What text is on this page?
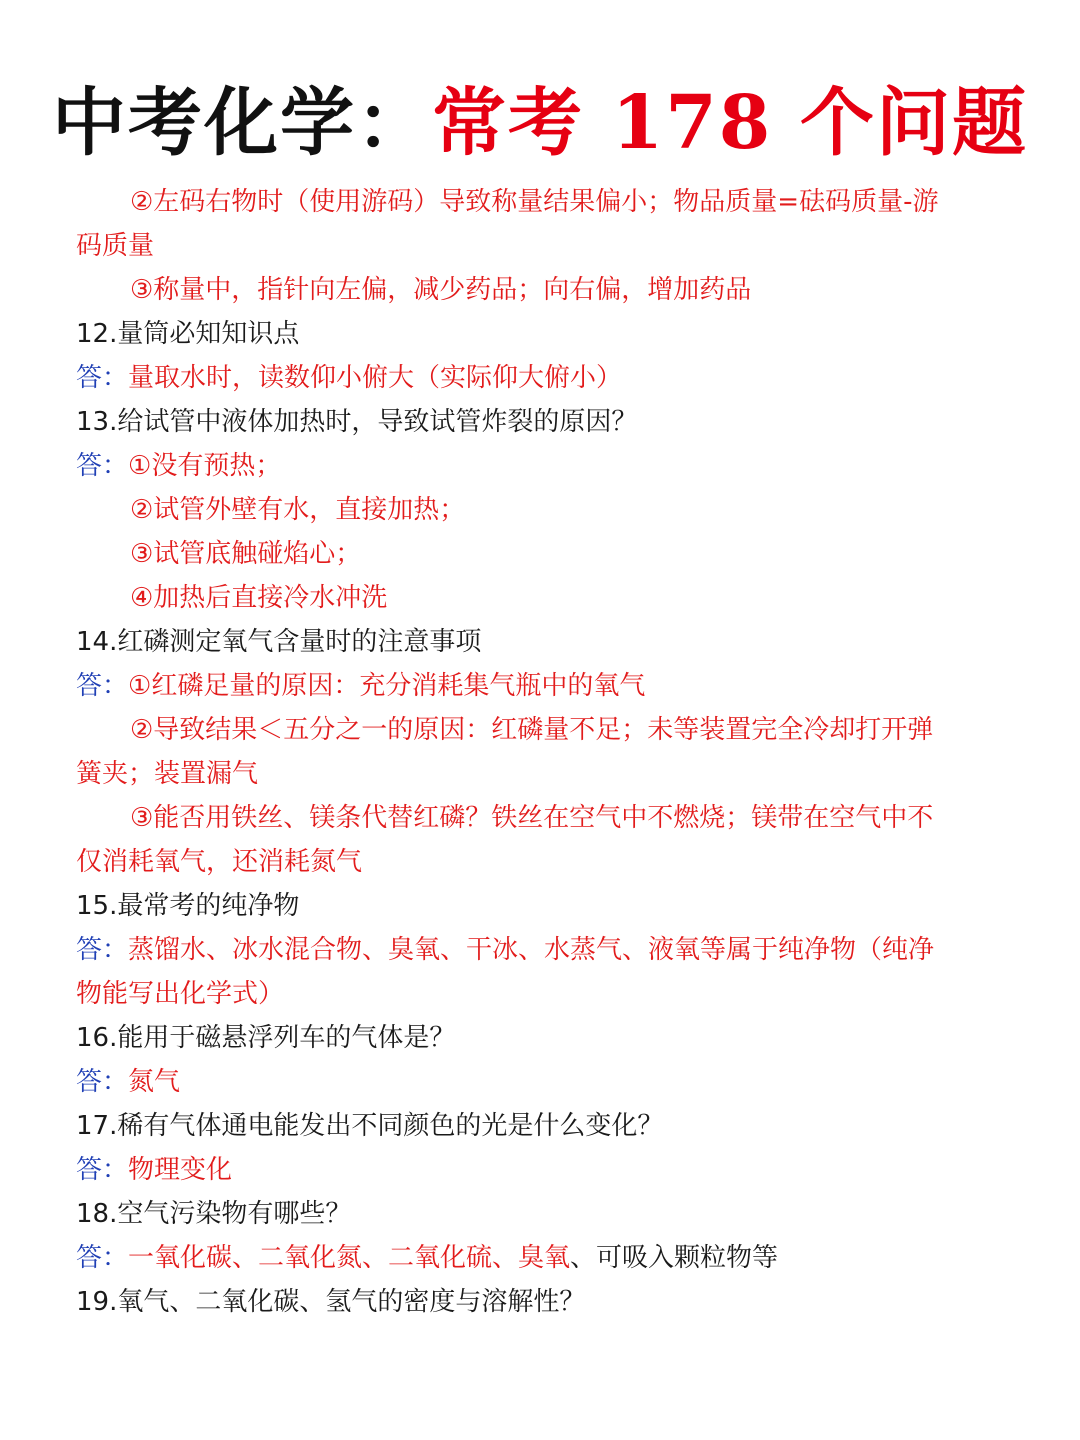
中考化学：常考 178 个问题

②左码右物时（使用游码）导致称量结果偏小；物品质量=砝码质量-游

码质量

③称量中，指针向左偏，减少药品；向右偏，增加药品

12.量筒必知知识点

答：量取水时，读数仰小俯大（实际仰大俯小）

13.给试管中液体加热时，导致试管炸裂的原因？

答：①没有预热；

②试管外壁有水，直接加热；

③试管底触碰焰心；

④加热后直接冷水冲洗

14.红磷测定氧气含量时的注意事项

答：①红磷足量的原因：充分消耗集气瓶中的氧气

②导致结果＜五分之一的原因：红磷量不足；未等装置完全冷却打开弹

簧夹；装置漏气

③能否用铁丝、镁条代替红磷？铁丝在空气中不燃烧；镁带在空气中不

仅消耗氧气，还消耗氮气

15.最常考的纯净物

答：蒸馏水、冰水混合物、臭氧、干冰、水蒸气、液氧等属于纯净物（纯净

物能写出化学式）

16.能用于磁悬浮列车的气体是？

答：氮气

17.稀有气体通电能发出不同颜色的光是什么变化？

答：物理变化

18.空气污染物有哪些？

答：一氧化碳、二氧化氮、二氧化硫、臭氧、可吸入颗粒物等

19.氧气、二氧化碳、氢气的密度与溶解性？
